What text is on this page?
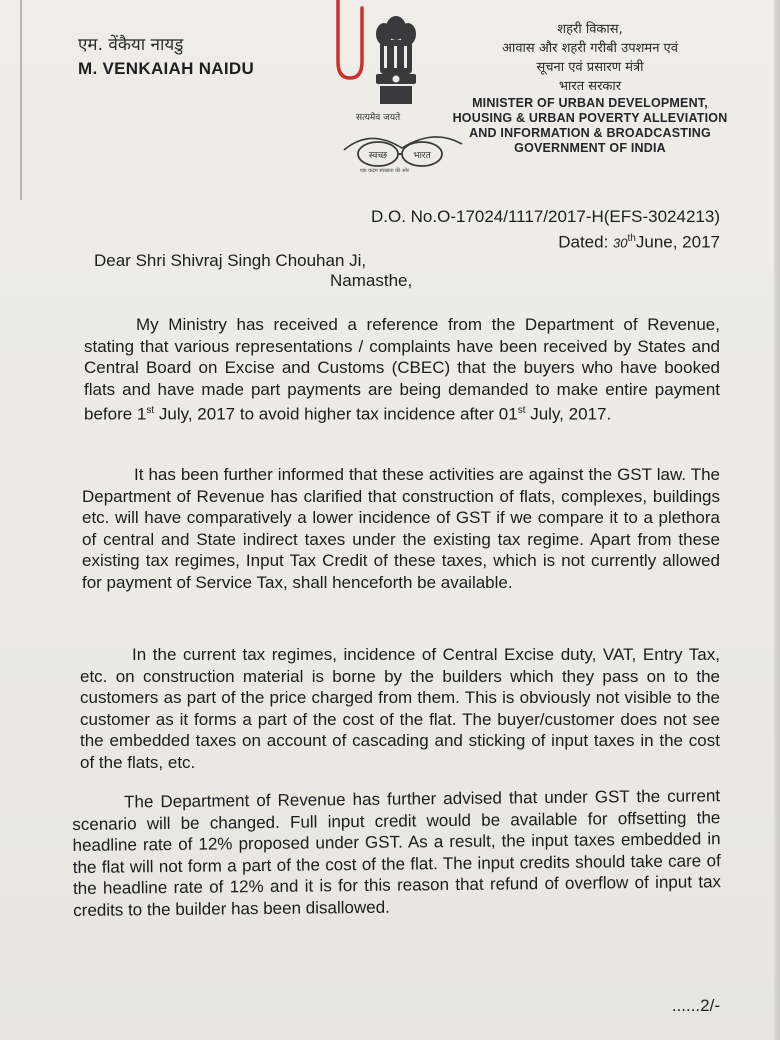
एम. वेंकैया नायडु
M. VENKAIAH NAIDU
सत्यमेव जयते
स्वच्छ	भारत
एक कदम स्वच्छता की ओर
शहरी विकास,
आवास और शहरी गरीबी उपशमन एवं
सूचना एवं प्रसारण मंत्री
भारत सरकार
MINISTER OF URBAN DEVELOPMENT,
HOUSING & URBAN POVERTY ALLEVIATION
AND INFORMATION & BROADCASTING
GOVERNMENT OF INDIA
D.O. No.O-17024/1117/2017-H(EFS-3024213)
Dated: 30thJune, 2017
Dear Shri Shivraj Singh Chouhan Ji,
Namasthe,
My Ministry has received a reference from the Department of Revenue, stating that various representations / complaints have been received by States and Central Board on Excise and Customs (CBEC) that the buyers who have booked flats and have made part payments are being demanded to make entire payment before 1st July, 2017 to avoid higher tax incidence after 01st July, 2017.
It has been further informed that these activities are against the GST law. The Department of Revenue has clarified that construction of flats, complexes, buildings etc. will have comparatively a lower incidence of GST if we compare it to a plethora of central and State indirect taxes under the existing tax regime. Apart from these existing tax regimes, Input Tax Credit of these taxes, which is not currently allowed for payment of Service Tax, shall henceforth be available.
In the current tax regimes, incidence of Central Excise duty, VAT, Entry Tax, etc. on construction material is borne by the builders which they pass on to the customers as part of the price charged from them. This is obviously not visible to the customer as it forms a part of the cost of the flat. The buyer/customer does not see the embedded taxes on account of cascading and sticking of input taxes in the cost of the flats, etc.
The Department of Revenue has further advised that under GST the current scenario will be changed. Full input credit would be available for offsetting the headline rate of 12% proposed under GST. As a result, the input taxes embedded in the flat will not form a part of the cost of the flat. The input credits should take care of the headline rate of 12% and it is for this reason that refund of overflow of input tax credits to the builder has been disallowed.
......2/-
